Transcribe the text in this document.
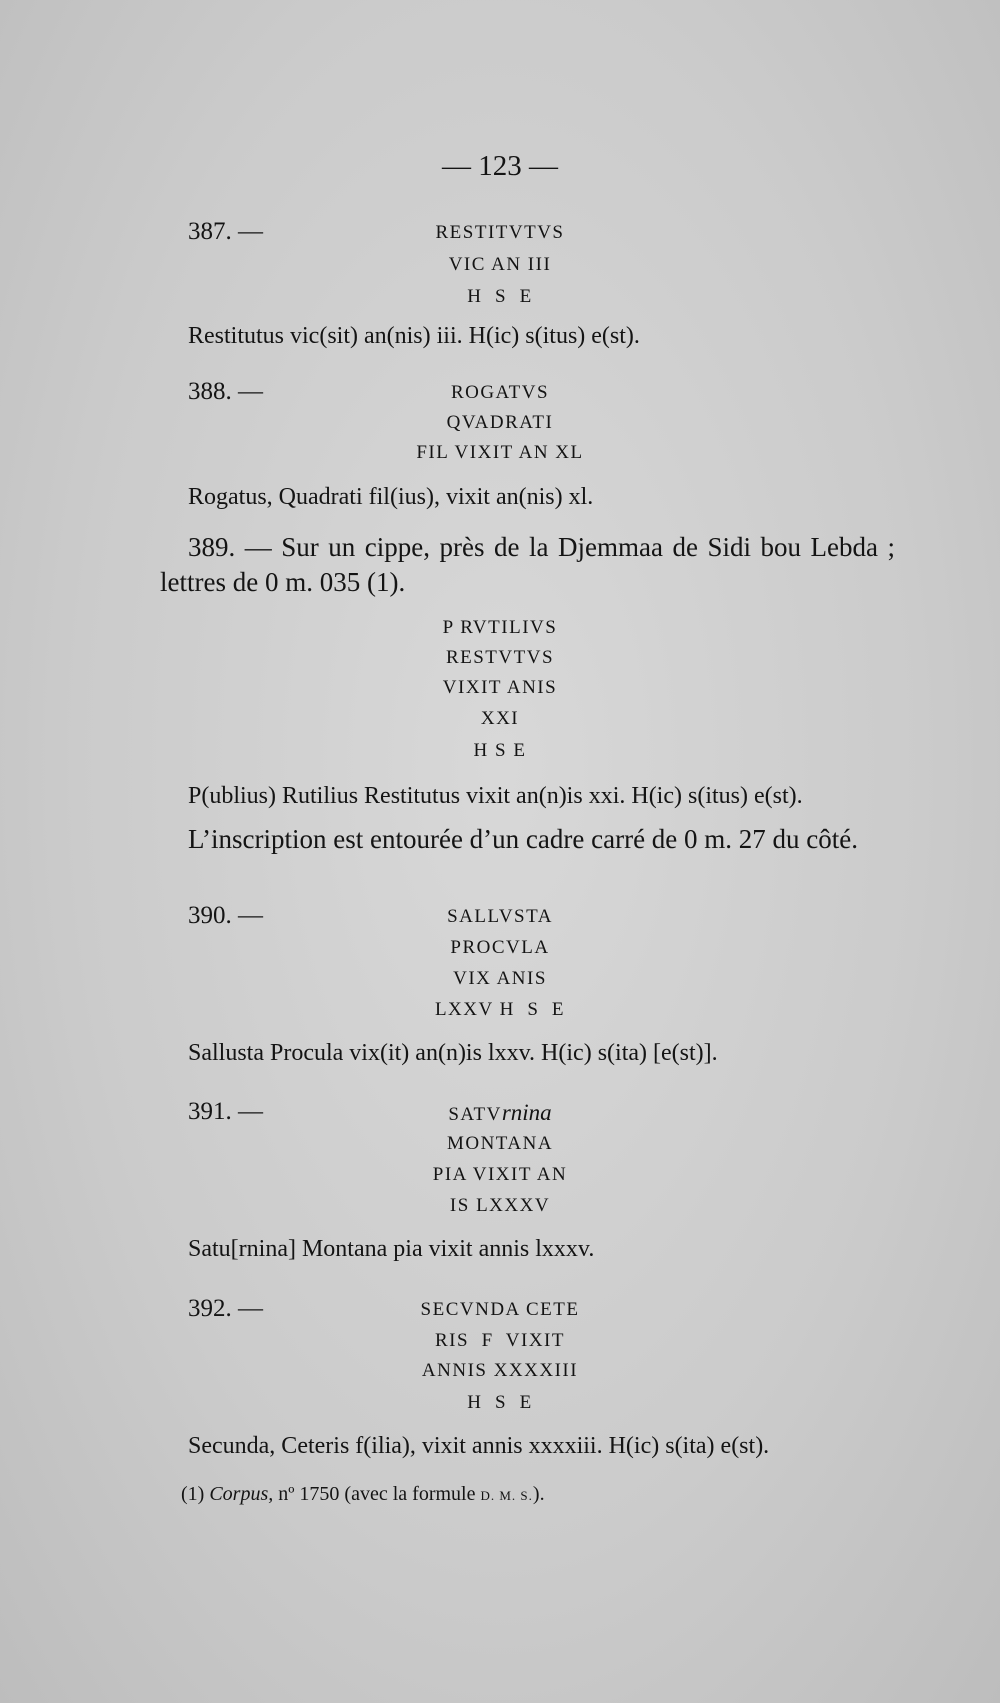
— 123 —
387. —	RESTITVTVS
VIC AN III
H  S  E
Restitutus vic(sit) an(nis) iii. H(ic) s(itus) e(st).
388. —	ROGATVS
QVADRATI
FIL VIXIT AN XL
Rogatus, Quadrati fil(ius), vixit an(nis) xl.
389. — Sur un cippe, près de la Djemmaa de Sidi bou Lebda ; lettres de 0 m. 035 (1).
P RVTILIVS
RESTVTVS
VIXIT ANIS
XXI
H S E
P(ublius) Rutilius Restitutus vixit an(n)is xxi. H(ic) s(itus) e(st).
L’inscription est entourée d’un cadre carré de 0 m. 27 du côté.
390. —	SALLVSTA
PROCVLA
VIX ANIS
LXXV H  S  E
Sallusta Procula vix(it) an(n)is lxxv. H(ic) s(ita) [e(st)].
391. —	SATVrnina
MONTANA
PIA VIXIT AN
IS LXXXV
Satu[rnina] Montana pia vixit annis lxxxv.
392. —	SECVNDA CETE
RIS  F  VIXIT
ANNIS XXXXIII
H  S  E
Secunda, Ceteris f(ilia), vixit annis xxxxiii. H(ic) s(ita) e(st).
(1) Corpus, nº 1750 (avec la formule D. M. S.).
